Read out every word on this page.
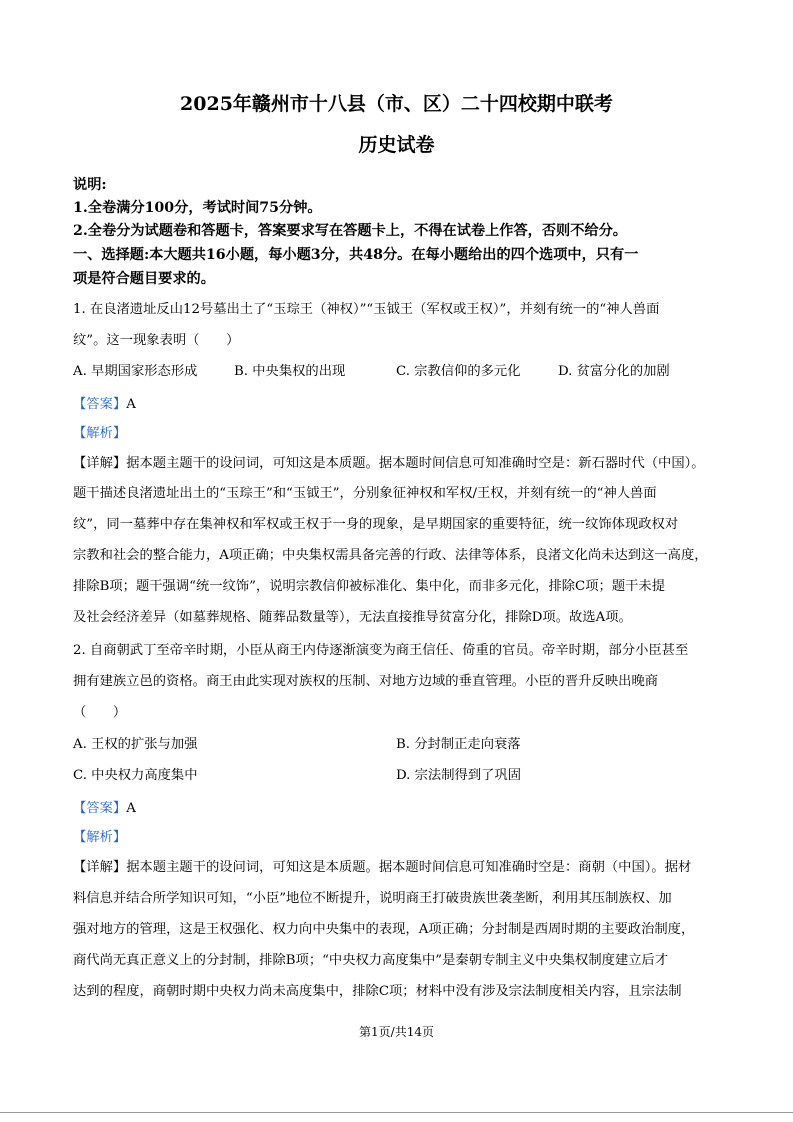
2025年赣州市十八县（市、区）二十四校期中联考
历史试卷
说明:
1.全卷满分100分，考试时间75分钟。
2.全卷分为试题卷和答题卡，答案要求写在答题卡上，不得在试卷上作答，否则不给分。
一、选择题:本大题共16小题，每小题3分，共48分。在每小题给出的四个选项中，只有一
项是符合题目要求的。
1. 在良渚遗址反山12号墓出土了“玉琮王（神权）”“玉钺王（军权或王权）”，并刻有统一的“神人兽面
纹”。这一现象表明（　　）
A. 早期国家形态形成	B. 中央集权的出现	C. 宗教信仰的多元化	D. 贫富分化的加剧
【答案】A
【解析】
【详解】据本题主题干的设问词，可知这是本质题。据本题时间信息可知准确时空是：新石器时代（中国）。
题干描述良渚遗址出土的“玉琮王”和“玉钺王”，分别象征神权和军权/王权，并刻有统一的“神人兽面
纹”，同一墓葬中存在集神权和军权或王权于一身的现象，是早期国家的重要特征，统一纹饰体现政权对
宗教和社会的整合能力，A项正确；中央集权需具备完善的行政、法律等体系，良渚文化尚未达到这一高度，
排除B项；题干强调“统一纹饰”，说明宗教信仰被标准化、集中化，而非多元化，排除C项；题干未提
及社会经济差异（如墓葬规格、随葬品数量等），无法直接推导贫富分化，排除D项。故选A项。
2. 自商朝武丁至帝辛时期，小臣从商王内侍逐渐演变为商王信任、倚重的官员。帝辛时期，部分小臣甚至
拥有建族立邑的资格。商王由此实现对族权的压制、对地方边域的垂直管理。小臣的晋升反映出晚商
（　　）
A. 王权的扩张与加强	B. 分封制正走向衰落
C. 中央权力高度集中	D. 宗法制得到了巩固
【答案】A
【解析】
【详解】据本题主题干的设问词，可知这是本质题。据本题时间信息可知准确时空是：商朝（中国）。据材
料信息并结合所学知识可知，“小臣”地位不断提升，说明商王打破贵族世袭垄断，利用其压制族权、加
强对地方的管理，这是王权强化、权力向中央集中的表现，A项正确；分封制是西周时期的主要政治制度，
商代尚无真正意义上的分封制，排除B项；“中央权力高度集中”是秦朝专制主义中央集权制度建立后才
达到的程度，商朝时期中央权力尚未高度集中，排除C项；材料中没有涉及宗法制度相关内容，且宗法制
第1页/共14页
